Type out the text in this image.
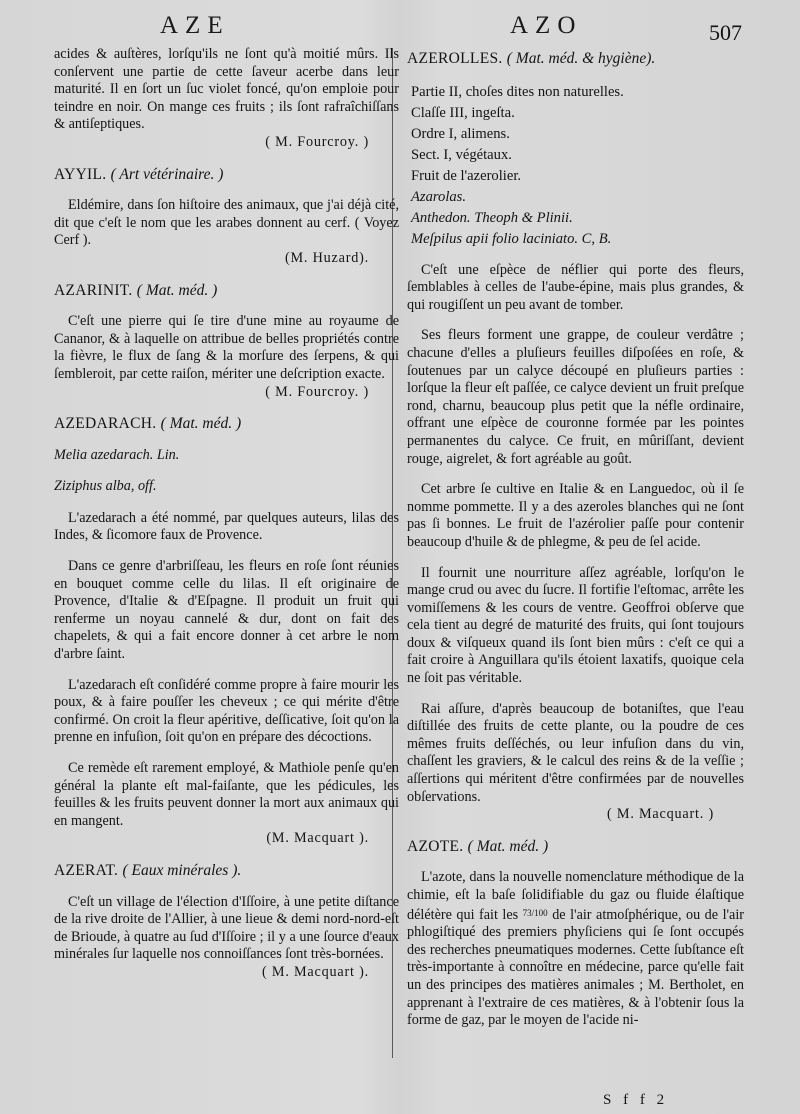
AZE	AZO	507

acides & auſtères, lorſqu'ils ne ſont qu'à moitié mûrs. Ils conſervent une partie de cette ſaveur acerbe dans leur maturité. Il en ſort un ſuc violet foncé, qu'on emploie pour teindre en noir. On mange ces fruits ; ils ſont rafraîchiſſans & antiſeptiques.

( M. Fourcroy. )
AYYIL. ( Art vétérinaire. )

Eldémire, dans ſon hiſtoire des animaux, que j'ai déjà cité, dit que c'eſt le nom que les arabes donnent au cerf. ( Voyez Cerf ).

(M. Huzard).
AZARINIT. ( Mat. méd. )

C'eſt une pierre qui ſe tire d'une mine au royaume de Cananor, & à laquelle on attribue de belles propriétés contre la fièvre, le flux de ſang & la morſure des ſerpens, & qui ſembleroit, par cette raiſon, mériter une deſcription exacte.

( M. Fourcroy. )
AZEDARACH. ( Mat. méd. )
Melia azedarach. Lin.
Ziziphus alba, off.

L'azedarach a été nommé, par quelques auteurs, lilas des Indes, & ſicomore faux de Provence.

Dans ce genre d'arbriſſeau, les fleurs en roſe ſont réunies en bouquet comme celle du lilas. Il eſt originaire de Provence, d'Italie & d'Eſpagne. Il produit un fruit qui renferme un noyau cannelé & dur, dont on fait des chapelets, & qui a fait encore donner à cet arbre le nom d'arbre ſaint.

L'azedarach eſt conſidéré comme propre à faire mourir les poux, & à faire pouſſer les cheveux ; ce qui mérite d'être confirmé. On croit la fleur apéritive, deſſicative, ſoit qu'on la prenne en infuſion, ſoit qu'on en prépare des décoctions.

Ce remède eſt rarement employé, & Mathiole penſe qu'en général la plante eſt mal-faiſante, que les pédicules, les feuilles & les fruits peuvent donner la mort aux animaux qui en mangent.

(M. Macquart ).
AZERAT. ( Eaux minérales ).

C'eſt un village de l'élection d'Iſſoire, à une petite diſtance de la rive droite de l'Allier, à une lieue & demi nord-nord-eſt de Brioude, à quatre au ſud d'Iſſoire ; il y a une ſource d'eaux minérales ſur laquelle nos connoiſſances ſont très-bornées.

( M. Macquart ).
AZEROLLES. ( Mat. méd. & hygiène).
Partie II, choſes dites non naturelles.
Claſſe III, ingeſta.
Ordre I, alimens.
Sect. I, végétaux.
Fruit de l'azerolier.
Azarolas.
Anthedon. Theoph & Plinii.
Meſpilus apii folio laciniato. C, B.

C'eſt une eſpèce de néflier qui porte des fleurs, ſemblables à celles de l'aube-épine, mais plus grandes, & qui rougiſſent un peu avant de tomber.

Ses fleurs forment une grappe, de couleur verdâtre ; chacune d'elles a pluſieurs feuilles diſpoſées en roſe, & ſoutenues par un calyce découpé en pluſieurs parties : lorſque la fleur eſt paſſée, ce calyce devient un fruit preſque rond, charnu, beaucoup plus petit que la néfle ordinaire, offrant une eſpèce de couronne formée par les pointes permanentes du calyce. Ce fruit, en mûriſſant, devient rouge, aigrelet, & fort agréable au goût.

Cet arbre ſe cultive en Italie & en Languedoc, où il ſe nomme pommette. Il y a des azeroles blanches qui ne ſont pas ſi bonnes. Le fruit de l'azérolier paſſe pour contenir beaucoup d'huile & de phlegme, & peu de ſel acide.

Il fournit une nourriture aſſez agréable, lorſqu'on le mange crud ou avec du ſucre. Il fortifie l'eſtomac, arrête les vomiſſemens & les cours de ventre. Geoffroi obſerve que cela tient au degré de maturité des fruits, qui ſont toujours doux & viſqueux quand ils ſont bien mûrs : c'eſt ce qui a fait croire à Anguillara qu'ils étoient laxatifs, quoique cela ne ſoit pas véritable.

Rai aſſure, d'après beaucoup de botaniſtes, que l'eau diſtillée des fruits de cette plante, ou la poudre de ces mêmes fruits deſſéchés, ou leur infuſion dans du vin, chaſſent les graviers, & le calcul des reins & de la veſſie ; aſſertions qui méritent d'être confirmées par de nouvelles obſervations.

( M. Macquart. )
AZOTE. ( Mat. méd. )

L'azote, dans la nouvelle nomenclature méthodique de la chimie, eſt la baſe ſolidifiable du gaz ou fluide élaſtique délétère qui fait les $^{73/100}$ de l'air atmoſphérique, ou de l'air phlogiſtiqué des premiers phyſiciens qui ſe ſont occupés des recherches pneumatiques modernes. Cette ſubſtance eſt très-importante à connoître en médecine, parce qu'elle fait un des principes des matières animales ; M. Bertholet, en apprenant à l'extraire de ces matières, & à l'obtenir ſous la forme de gaz, par le moyen de l'acide ni-

S f f 2
